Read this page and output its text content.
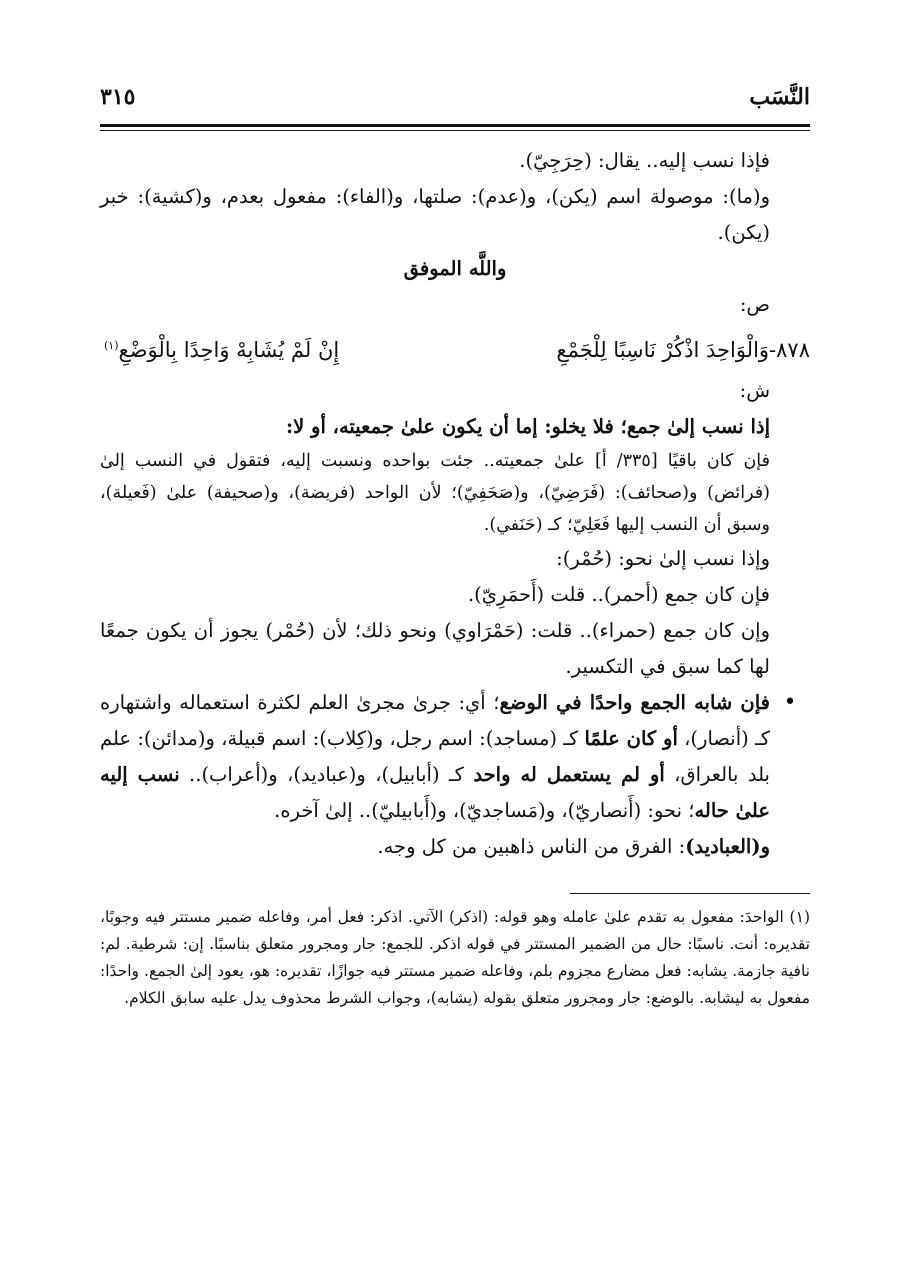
النَّسَب
٣١٥

فإذا نسب إليه.. يقال: (حِرَجِيّ).

و(ما): موصولة اسم (يكن)، و(عدم): صلتها، و(الفاء): مفعول بعدم، و(كشية): خبر (يكن).

واللَّه الموفق

ص:

٨٧٨-وَالْوَاحِدَ اذْكُرْ نَاسِبًا لِلْجَمْعِ
إِنْ لَمْ يُشَابِهْ وَاحِدًا بِالْوَضْعِ$^{(١)}$

ش:

إذا نسب إلىٰ جمع؛ فلا يخلو: إما أن يكون علىٰ جمعيته، أو لا:

فإن كان باقيًا [٣٣٥/ أ] علىٰ جمعيته.. جئت بواحده ونسبت إليه، فتقول في النسب إلىٰ (فرائض) و(صحائف): (فَرَضِيّ)، و(صَحَفِيّ)؛ لأن الواحد (فريضة)، و(صحيفة) علىٰ (فَعيلة)، وسبق أن النسب إليها فَعَلِيّ؛ كـ (حَنَفي).

وإذا نسب إلىٰ نحو: (حُمْر):

فإن كان جمع (أحمر).. قلت (أَحمَرِيّ).

وإن كان جمع (حمراء).. قلت: (حَمْرَاوي) ونحو ذلك؛ لأن (حُمْر) يجوز أن يكون جمعًا لها كما سبق في التكسير.

•
فإن شابه الجمع واحدًا في الوضع؛ أي: جرىٰ مجرىٰ العلم لكثرة استعماله واشتهاره كـ (أنصار)، أو كان علمًا كـ (مساجد): اسم رجل، و(كِلاب): اسم قبيلة، و(مدائن): علم بلد بالعراق، أو لم يستعمل له واحد كـ (أبابيل)، و(عباديد)، و(أعراب).. نسب إليه علىٰ حاله؛ نحو: (أَنصاريّ)، و(مَساجديّ)، و(أَبابيليّ).. إلىٰ آخره.

و(العباديد): الفرق من الناس ذاهبين من كل وجه.

(١) الواحدَ: مفعول به تقدم علىٰ عامله وهو قوله: (اذكر) الآتي. اذكر: فعل أمر، وفاعله ضمير مستتر فيه وجوبًا، تقديره: أنت. ناسبًا: حال من الضمير المستتر في قوله اذكر. للجمع: جار ومجرور متعلق بناسبًا. إن: شرطية. لم: نافية جازمة. يشابه: فعل مضارع مجزوم بلم، وفاعله ضمير مستتر فيه جوازًا، تقديره: هو، يعود إلىٰ الجمع. واحدًا: مفعول به ليشابه. بالوضع: جار ومجرور متعلق بقوله (يشابه)، وجواب الشرط محذوف يدل عليه سابق الكلام.
